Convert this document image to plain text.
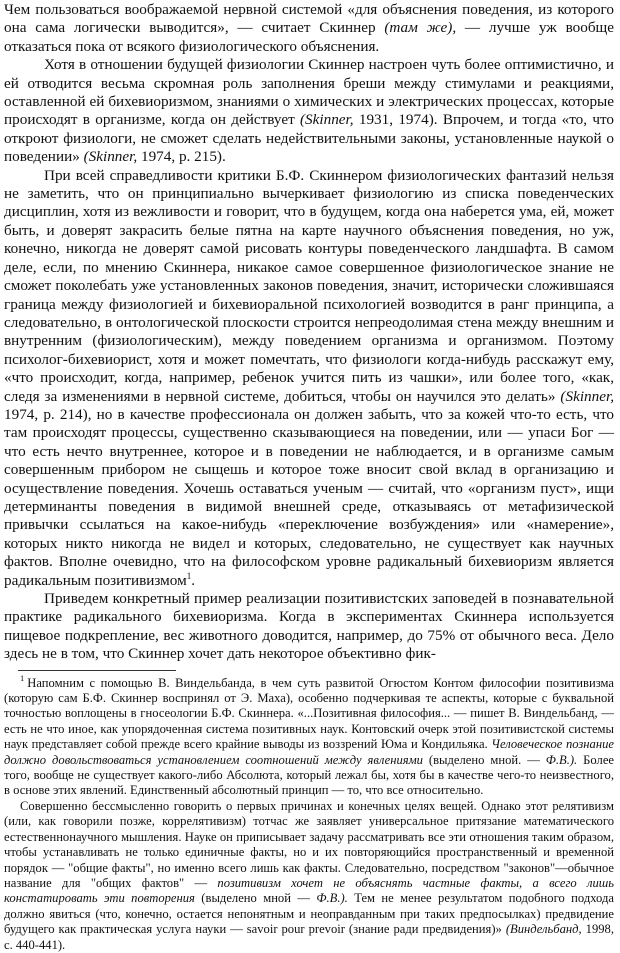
Чем пользоваться воображаемой нервной системой «для объяснения поведения, из которого она сама логически выводится», — считает Скиннер (там же), — лучше уж вообще отказаться пока от всякого физиологического объяснения.

Хотя в отношении будущей физиологии Скиннер настроен чуть более оптимистично, и ей отводится весьма скромная роль заполнения бреши между стимулами и реакциями, оставленной ей бихевиоризмом, знаниями о химических и электрических процессах, которые происходят в организме, когда он действует (Skinner, 1931, 1974). Впрочем, и тогда «то, что откроют физиологи, не сможет сделать недействительными законы, установленные наукой о поведении» (Skinner, 1974, p. 215).

При всей справедливости критики Б.Ф. Скиннером физиологических фантазий нельзя не заметить, что он принципиально вычеркивает физиологию из списка поведенческих дисциплин, хотя из вежливости и говорит, что в будущем, когда она наберется ума, ей, может быть, и доверят закрасить белые пятна на карте научного объяснения поведения, но уж, конечно, никогда не доверят самой рисовать контуры поведенческого ландшафта. В самом деле, если, по мнению Скиннера, никакое самое совершенное физиологическое знание не сможет поколебать уже установленных законов поведения, значит, исторически сложившаяся граница между физиологией и бихевиоральной психологией возводится в ранг принципа, а следовательно, в онтологической плоскости строится непреодолимая стена между внешним и внутренним (физиологическим), между поведением организма и организмом. Поэтому психолог-бихевиорист, хотя и может помечтать, что физиологи когда-нибудь расскажут ему, «что происходит, когда, например, ребенок учится пить из чашки», или более того, «как, следя за изменениями в нервной системе, добиться, чтобы он научился это делать» (Skinner, 1974, p. 214), но в качестве профессионала он должен забыть, что за кожей что-то есть, что там происходят процессы, существенно сказывающиеся на поведении, или — упаси Бог — что есть нечто внутреннее, которое и в поведении не наблюдается, и в организме самым совершенным прибором не сыщешь и которое тоже вносит свой вклад в организацию и осуществление поведения. Хочешь оставаться ученым — считай, что «организм пуст», ищи детерминанты поведения в видимой внешней среде, отказываясь от метафизической привычки ссылаться на какое-нибудь «переключение возбуждения» или «намерение», которых никто никогда не видел и которых, следовательно, не существует как научных фактов. Вполне очевидно, что на философском уровне радикальный бихевиоризм является радикальным позитивизмом$^1$.

Приведем конкретный пример реализации позитивистских заповедей в познавательной практике радикального бихевиоризма. Когда в экспериментах Скиннера используется пищевое подкрепление, вес животного доводится, например, до 75% от обычного веса. Дело здесь не в том, что Скиннер хочет дать некоторое объективно фик-

$^1$ Напомним с помощью В. Виндельбанда, в чем суть развитой Огюстом Контом философии позитивизма (которую сам Б.Ф. Скиннер воспринял от Э. Маха), особенно подчеркивая те аспекты, которые с буквальной точностью воплощены в гносеологии Б.Ф. Скиннера. «...Позитивная философия... — пишет В. Виндельбанд, — есть не что иное, как упорядоченная система позитивных наук. Контовский очерк этой позитивистской системы наук представляет собой прежде всего крайние выводы из воззрений Юма и Кондильяка. Человеческое познание должно довольствоваться установлением соотношений между явлениями (выделено мной. — Ф.В.). Более того, вообще не существует какого-либо Абсолюта, который лежал бы, хотя бы в качестве чего-то неизвестного, в основе этих явлений. Единственный абсолютный принцип — то, что все относительно.

Совершенно бессмысленно говорить о первых причинах и конечных целях вещей. Однако этот релятивизм (или, как говорили позже, коррелятивизм) тотчас же заявляет универсальное притязание математического естественнонаучного мышления. Науке он приписывает задачу рассматривать все эти отношения таким образом, чтобы устанавливать не только единичные факты, но и их повторяющийся пространственный и временной порядок — "общие факты", но именно всего лишь как факты. Следовательно, посредством "законов"—обычное название для "общих фактов" — позитивизм хочет не объяснять частные факты, а всего лишь констатировать эти повторения (выделено мной — Ф.В.). Тем не менее результатом подобного подхода должно явиться (что, конечно, остается непонятным и неоправданным при таких предпосылках) предвидение будущего как практическая услуга науки — savoir pour prevoir (знание ради предвидения)» (Виндельбанд, 1998, с. 440-441).
